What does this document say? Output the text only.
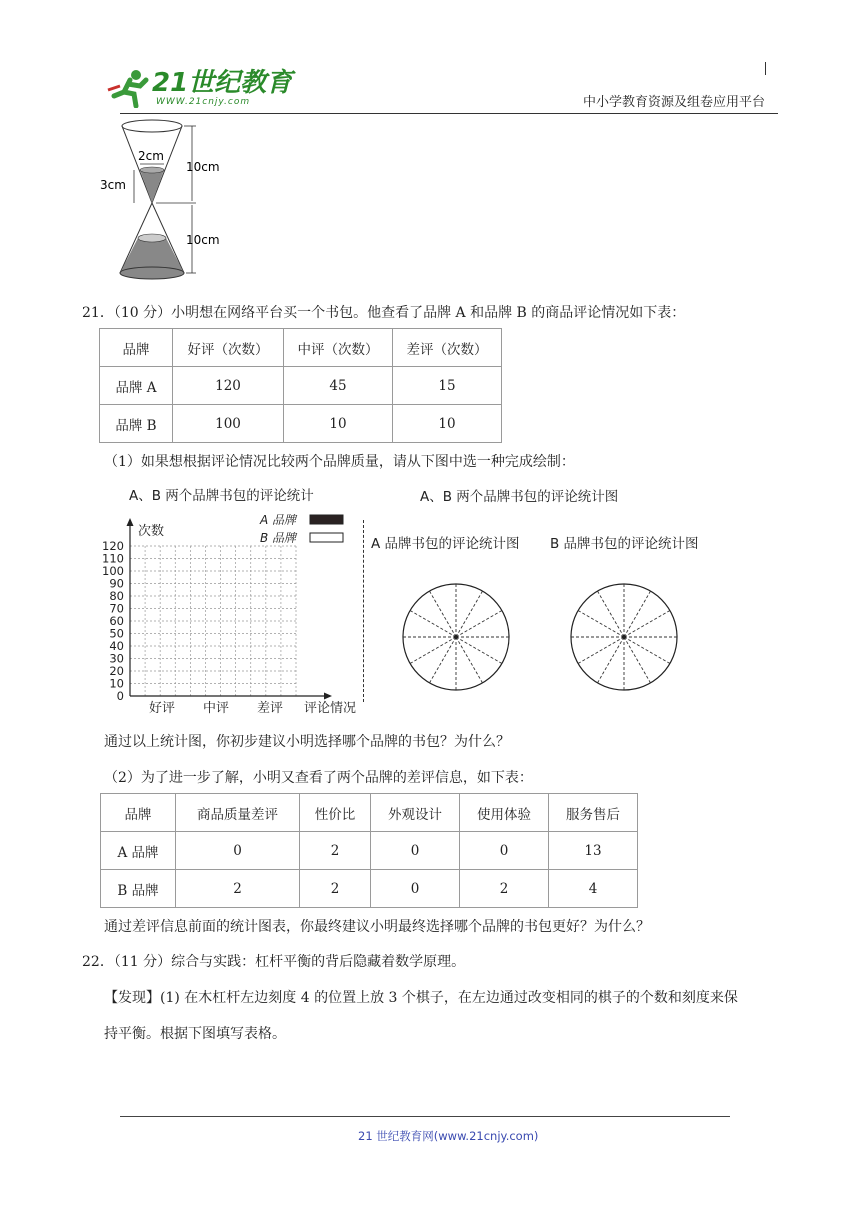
21世纪教育
WWW.21cnjy.com	中小学教育资源及组卷应用平台
2cm
3cm
10cm
10cm
21．（10 分）小明想在网络平台买一个书包。他查看了品牌 A 和品牌 B 的商品评论情况如下表：
品牌	好评（次数）	中评（次数）	差评（次数）
品牌 A	120	45	15
品牌 B	100	10	10
（1）如果想根据评论情况比较两个品牌质量，请从下图中选一种完成绘制：
A、B 两个品牌书包的评论统计
120
110
100
90
80
70
60
50
40
30
20
10
0
次数
好评 中评 差评 评论情况
A 品牌
B 品牌
A、B 两个品牌书包的评论统计图
A 品牌书包的评论统计图 B 品牌书包的评论统计图
通过以上统计图，你初步建议小明选择哪个品牌的书包？为什么？
（2）为了进一步了解，小明又查看了两个品牌的差评信息，如下表：
品牌	商品质量差评	性价比	外观设计	使用体验	服务售后
A 品牌	0	2	0	0	13
B 品牌	2	2	0	2	4
通过差评信息前面的统计图表，你最终建议小明最终选择哪个品牌的书包更好？为什么？
22．（11 分）综合与实践：杠杆平衡的背后隐藏着数学原理。
【发现】(1) 在木杠杆左边刻度 4 的位置上放 3 个棋子，在左边通过改变相同的棋子的个数和刻度来保
持平衡。根据下图填写表格。
21 世纪教育网(www.21cnjy.com)
